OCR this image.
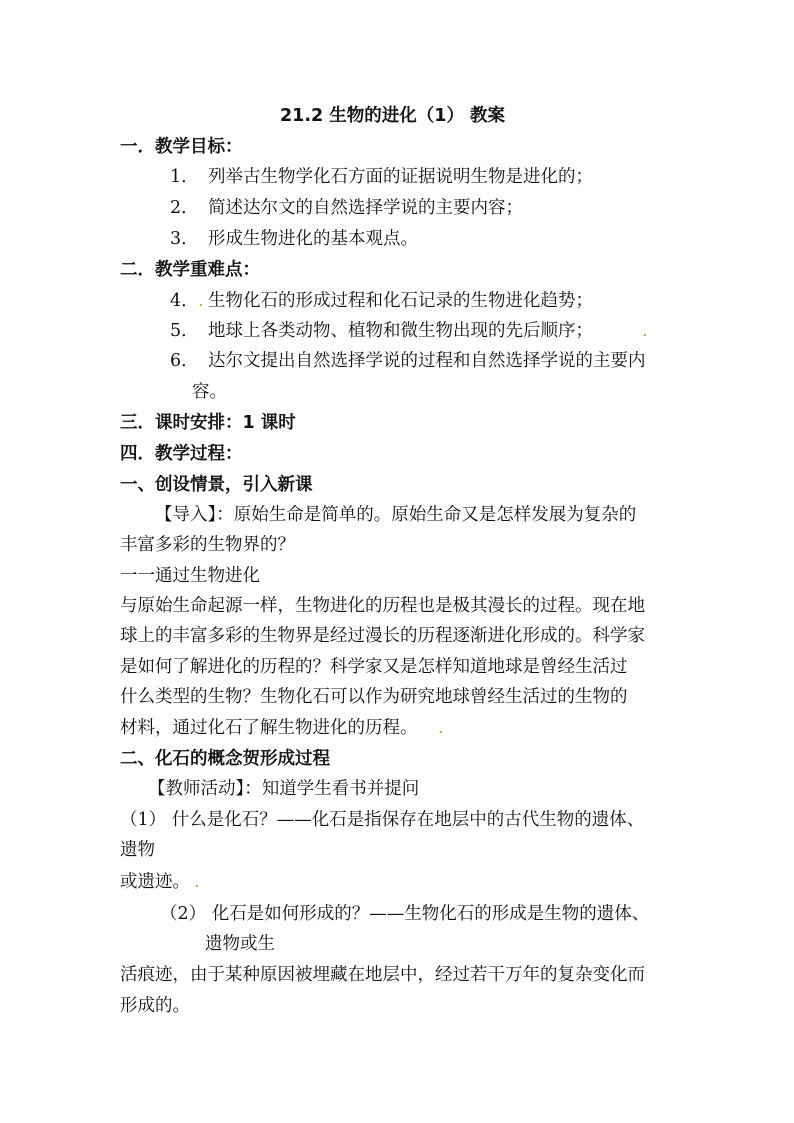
21.2 生物的进化（1） 教案
一．教学目标：
1． 列举古生物学化石方面的证据说明生物是进化的；
2． 简述达尔文的自然选择学说的主要内容；
3． 形成生物进化的基本观点。
二．教学重难点：
4． 生物化石的形成过程和化石记录的生物进化趋势；
5． 地球上各类动物、植物和微生物出现的先后顺序；
6． 达尔文提出自然选择学说的过程和自然选择学说的主要内
容。
三．课时安排：1 课时
四．教学过程：
一、创设情景，引入新课
【导入】：原始生命是简单的。原始生命又是怎样发展为复杂的
丰富多彩的生物界的？
一一通过生物进化
与原始生命起源一样，生物进化的历程也是极其漫长的过程。现在地
球上的丰富多彩的生物界是经过漫长的历程逐渐进化形成的。科学家
是如何了解进化的历程的？科学家又是怎样知道地球是曾经生活过
什么类型的生物？生物化石可以作为研究地球曾经生活过的生物的
材料，通过化石了解生物进化的历程。
二、化石的概念贺形成过程
【教师活动】：知道学生看书并提问
（1） 什么是化石？——化石是指保存在地层中的古代生物的遗体、
遗物
或遗迹。
（2） 化石是如何形成的？——生物化石的形成是生物的遗体、
遗物或生
活痕迹，由于某种原因被埋藏在地层中，经过若干万年的复杂变化而
形成的。
.
.
.
.
